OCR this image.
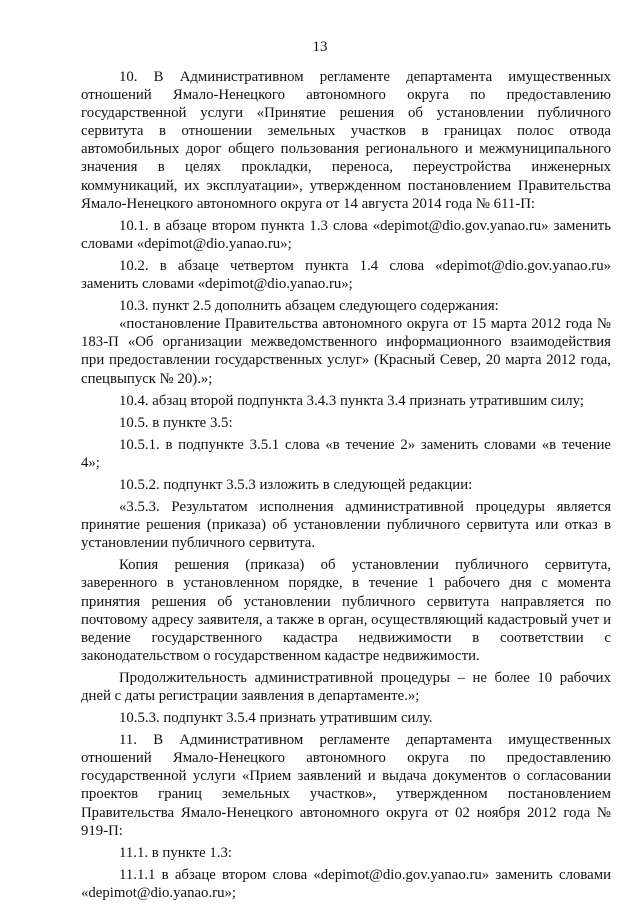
13

10. В Административном регламенте департамента имущественных отношений Ямало-Ненецкого автономного округа по предоставлению государственной услуги «Принятие решения об установлении публичного сервитута в отношении земельных участков в границах полос отвода автомобильных дорог общего пользования регионального и межмуниципального значения в целях прокладки, переноса, переустройства инженерных коммуникаций, их эксплуатации», утвержденном постановлением Правительства Ямало-Ненецкого автономного округа от 14 августа 2014 года № 611-П:

10.1. в абзаце втором пункта 1.3 слова «depimot@dio.gov.yanao.ru» заменить словами «depimot@dio.yanao.ru»;

10.2. в абзаце четвертом пункта 1.4 слова «depimot@dio.gov.yanao.ru» заменить словами «depimot@dio.yanao.ru»;

10.3. пункт 2.5 дополнить абзацем следующего содержания:

«постановление Правительства автономного округа от 15 марта 2012 года № 183-П «Об организации межведомственного информационного взаимодействия при предоставлении государственных услуг» (Красный Север, 20 марта 2012 года, спецвыпуск № 20).»;

10.4. абзац второй подпункта 3.4.3 пункта 3.4 признать утратившим силу;

10.5. в пункте 3.5:

10.5.1. в подпункте 3.5.1 слова «в течение 2» заменить словами «в течение 4»;

10.5.2. подпункт 3.5.3 изложить в следующей редакции:

«3.5.3. Результатом исполнения административной процедуры является принятие решения (приказа) об установлении публичного сервитута или отказ в установлении публичного сервитута.

Копия решения (приказа) об установлении публичного сервитута, заверенного в установленном порядке, в течение 1 рабочего дня с момента принятия решения об установлении публичного сервитута направляется по почтовому адресу заявителя, а также в орган, осуществляющий кадастровый учет и ведение государственного кадастра недвижимости в соответствии с законодательством о государственном кадастре недвижимости.

Продолжительность административной процедуры – не более 10 рабочих дней с даты регистрации заявления в департаменте.»;

10.5.3. подпункт 3.5.4 признать утратившим силу.

11. В Административном регламенте департамента имущественных отношений Ямало-Ненецкого автономного округа по предоставлению государственной услуги «Прием заявлений и выдача документов о согласовании проектов границ земельных участков», утвержденном постановлением Правительства Ямало-Ненецкого автономного округа от 02 ноября 2012 года № 919-П:

11.1. в пункте 1.3:

11.1.1 в абзаце втором слова «depimot@dio.gov.yanao.ru» заменить словами «depimot@dio.yanao.ru»;
